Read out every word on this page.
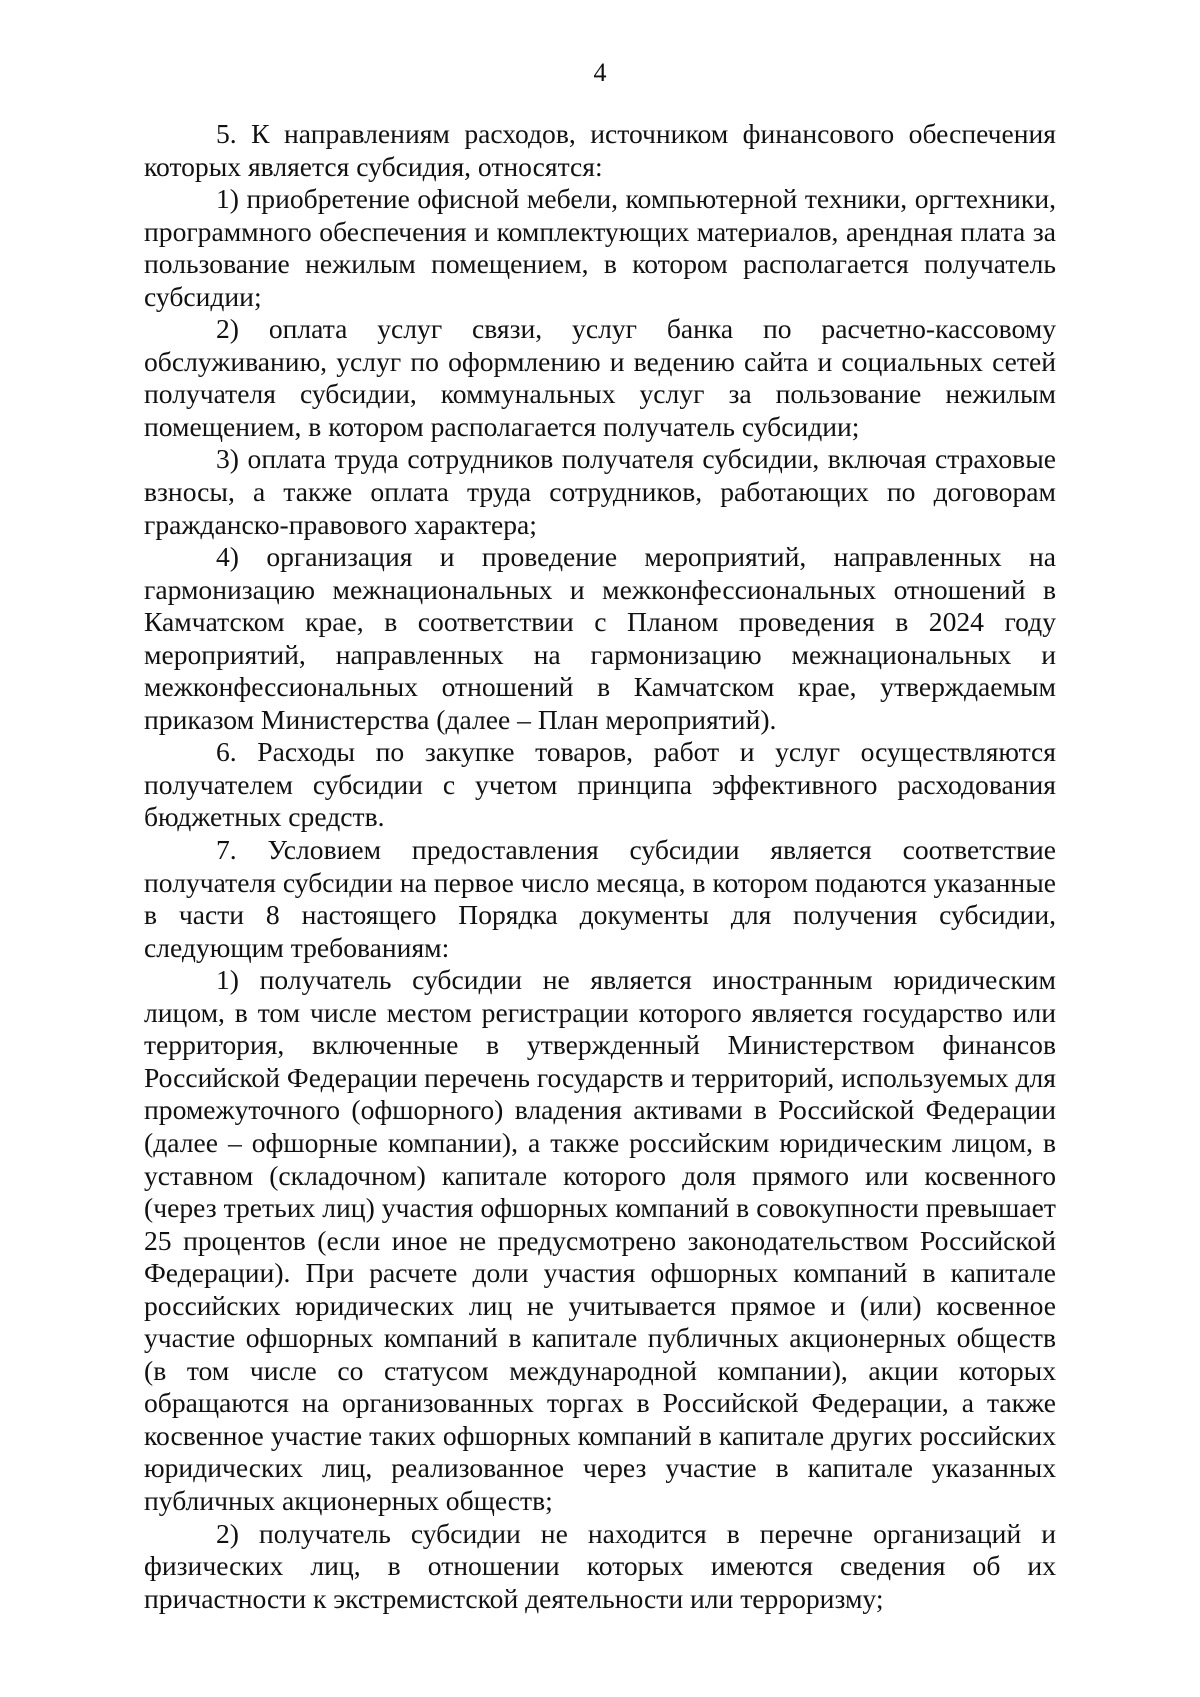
4

5. К направлениям расходов, источником финансового обеспечения которых является субсидия, относятся:

1) приобретение офисной мебели, компьютерной техники, оргтехники, программного обеспечения и комплектующих материалов, арендная плата за пользование нежилым помещением, в котором располагается получатель субсидии;

2) оплата услуг связи, услуг банка по расчетно-кассовому обслуживанию, услуг по оформлению и ведению сайта и социальных сетей получателя субсидии, коммунальных услуг за пользование нежилым помещением, в котором располагается получатель субсидии;

3) оплата труда сотрудников получателя субсидии, включая страховые взносы, а также оплата труда сотрудников, работающих по договорам гражданско-правового характера;

4) организация и проведение мероприятий, направленных на гармонизацию межнациональных и межконфессиональных отношений в Камчатском крае, в соответствии с Планом проведения в 2024 году мероприятий, направленных на гармонизацию межнациональных и межконфессиональных отношений в Камчатском крае, утверждаемым приказом Министерства (далее – План мероприятий).

6. Расходы по закупке товаров, работ и услуг осуществляются получателем субсидии с учетом принципа эффективного расходования бюджетных средств.

7. Условием предоставления субсидии является соответствие получателя субсидии на первое число месяца, в котором подаются указанные в части 8 настоящего Порядка документы для получения субсидии, следующим требованиям:

1) получатель субсидии не является иностранным юридическим лицом, в том числе местом регистрации которого является государство или территория, включенные в утвержденный Министерством финансов Российской Федерации перечень государств и территорий, используемых для промежуточного (офшорного) владения активами в Российской Федерации (далее – офшорные компании), а также российским юридическим лицом, в уставном (складочном) капитале которого доля прямого или косвенного (через третьих лиц) участия офшорных компаний в совокупности превышает 25 процентов (если иное не предусмотрено законодательством Российской Федерации). При расчете доли участия офшорных компаний в капитале российских юридических лиц не учитывается прямое и (или) косвенное участие офшорных компаний в капитале публичных акционерных обществ (в том числе со статусом международной компании), акции которых обращаются на организованных торгах в Российской Федерации, а также косвенное участие таких офшорных компаний в капитале других российских юридических лиц, реализованное через участие в капитале указанных публичных акционерных обществ;

2) получатель субсидии не находится в перечне организаций и физических лиц, в отношении которых имеются сведения об их причастности к экстремистской деятельности или терроризму;
